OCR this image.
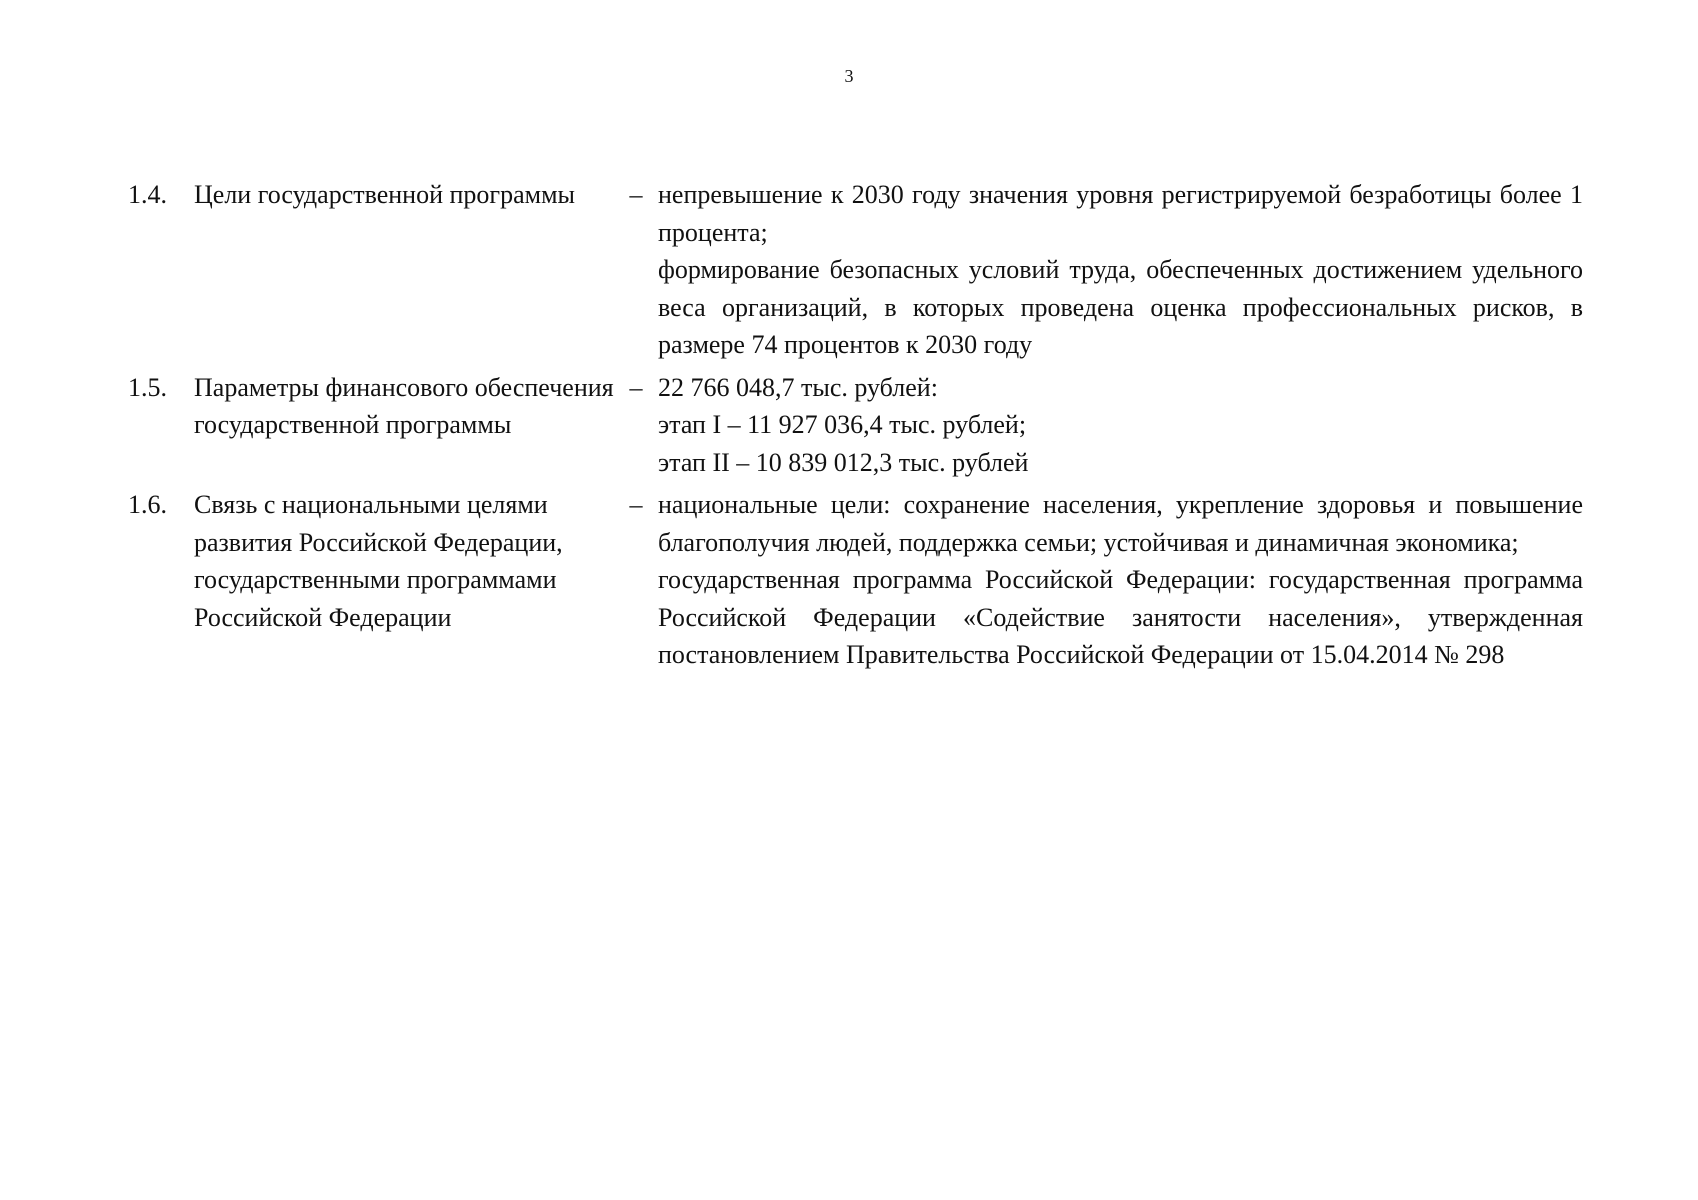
3
1.4.	Цели государственной программы	–	непревышение к 2030 году значения уровня регистрируемой безработицы более 1 процента;
формирование безопасных условий труда, обеспеченных достижением удельного веса организаций, в которых проведена оценка профессиональных рисков, в размере 74 процентов к 2030 году

1.5.	Параметры финансового обеспечения государственной программы	–	22 766 048,7 тыс. рублей:
этап I – 11 927 036,4 тыс. рублей;
этап II – 10 839 012,3 тыс. рублей

1.6.	Связь с национальными целями развития Российской Федерации, государственными программами Российской Федерации	–	национальные цели: сохранение населения, укрепление здоровья и повышение благополучия людей, поддержка семьи; устойчивая и динамичная экономика;
государственная программа Российской Федерации: государственная программа Российской Федерации «Содействие занятости населения», утвержденная постановлением Правительства Российской Федерации от 15.04.2014 № 298
